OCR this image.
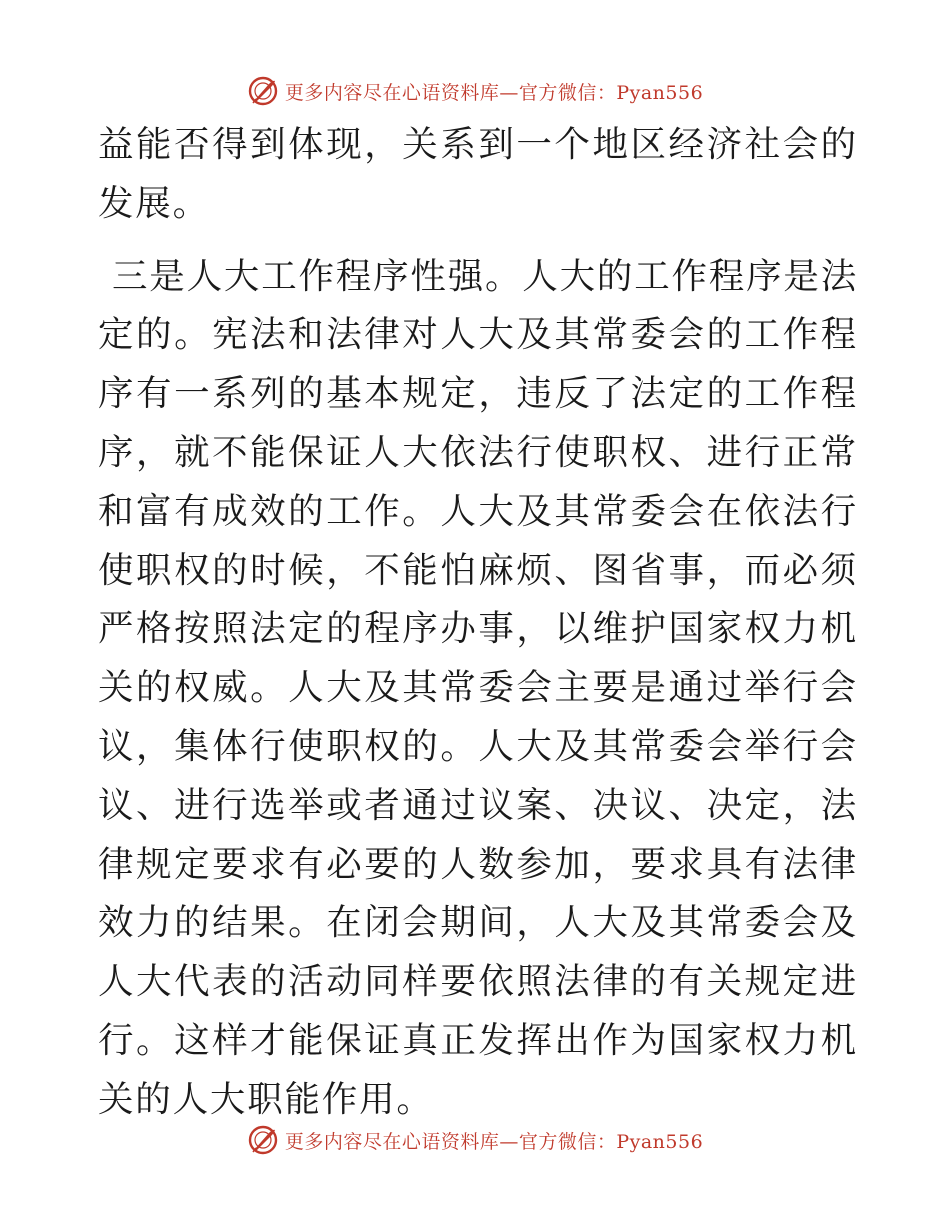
更多内容尽在心语资料库—官方微信：Pyan556

益能否得到体现，关系到一个地区经济社会的发展。

三是人大工作程序性强。人大的工作程序是法定的。宪法和法律对人大及其常委会的工作程序有一系列的基本规定，违反了法定的工作程序，就不能保证人大依法行使职权、进行正常和富有成效的工作。人大及其常委会在依法行使职权的时候，不能怕麻烦、图省事，而必须严格按照法定的程序办事，以维护国家权力机关的权威。人大及其常委会主要是通过举行会议，集体行使职权的。人大及其常委会举行会议、进行选举或者通过议案、决议、决定，法律规定要求有必要的人数参加，要求具有法律效力的结果。在闭会期间，人大及其常委会及人大代表的活动同样要依照法律的有关规定进行。这样才能保证真正发挥出作为国家权力机关的人大职能作用。

更多内容尽在心语资料库—官方微信：Pyan556
